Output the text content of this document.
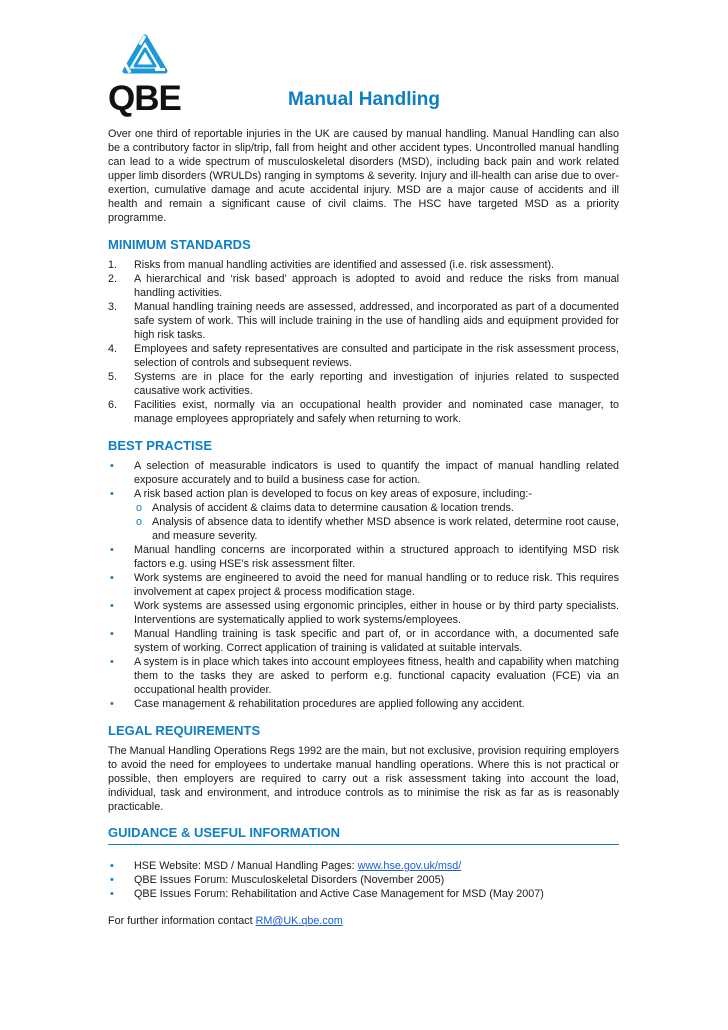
QBE	Manual Handling

Over one third of reportable injuries in the UK are caused by manual handling. Manual Handling can also be a contributory factor in slip/trip, fall from height and other accident types. Uncontrolled manual handling can lead to a wide spectrum of musculoskeletal disorders (MSD), including back pain and work related upper limb disorders (WRULDs) ranging in symptoms & severity. Injury and ill-health can arise due to over-exertion, cumulative damage and acute accidental injury. MSD are a major cause of accidents and ill health and remain a significant cause of civil claims. The HSC have targeted MSD as a priority programme.

MINIMUM STANDARDS
1. Risks from manual handling activities are identified and assessed (i.e. risk assessment).
2. A hierarchical and ‘risk based’ approach is adopted to avoid and reduce the risks from manual handling activities.
3. Manual handling training needs are assessed, addressed, and incorporated as part of a documented safe system of work. This will include training in the use of handling aids and equipment provided for high risk tasks.
4. Employees and safety representatives are consulted and participate in the risk assessment process, selection of controls and subsequent reviews.
5. Systems are in place for the early reporting and investigation of injuries related to suspected causative work activities.
6. Facilities exist, normally via an occupational health provider and nominated case manager, to manage employees appropriately and safely when returning to work.
BEST PRACTISE
• A selection of measurable indicators is used to quantify the impact of manual handling related exposure accurately and to build a business case for action.
• A risk based action plan is developed to focus on key areas of exposure, including:-
o Analysis of accident & claims data to determine causation & location trends.
o Analysis of absence data to identify whether MSD absence is work related, determine root cause, and measure severity.
• Manual handling concerns are incorporated within a structured approach to identifying MSD risk factors e.g. using HSE’s risk assessment filter.
• Work systems are engineered to avoid the need for manual handling or to reduce risk. This requires involvement at capex project & process modification stage.
• Work systems are assessed using ergonomic principles, either in house or by third party specialists. Interventions are systematically applied to work systems/employees.
• Manual Handling training is task specific and part of, or in accordance with, a documented safe system of working. Correct application of training is validated at suitable intervals.
• A system is in place which takes into account employees fitness, health and capability when matching them to the tasks they are asked to perform e.g. functional capacity evaluation (FCE) via an occupational health provider.
• Case management & rehabilitation procedures are applied following any accident.
LEGAL REQUIREMENTS

The Manual Handling Operations Regs 1992 are the main, but not exclusive, provision requiring employers to avoid the need for employees to undertake manual handling operations. Where this is not practical or possible, then employers are required to carry out a risk assessment taking into account the load, individual, task and environment, and introduce controls as to minimise the risk as far as is reasonably practicable.

GUIDANCE & USEFUL INFORMATION
• HSE Website: MSD / Manual Handling Pages: www.hse.gov.uk/msd/
• QBE Issues Forum: Musculoskeletal Disorders (November 2005)
• QBE Issues Forum: Rehabilitation and Active Case Management for MSD (May 2007)

For further information contact RM@UK.qbe.com
